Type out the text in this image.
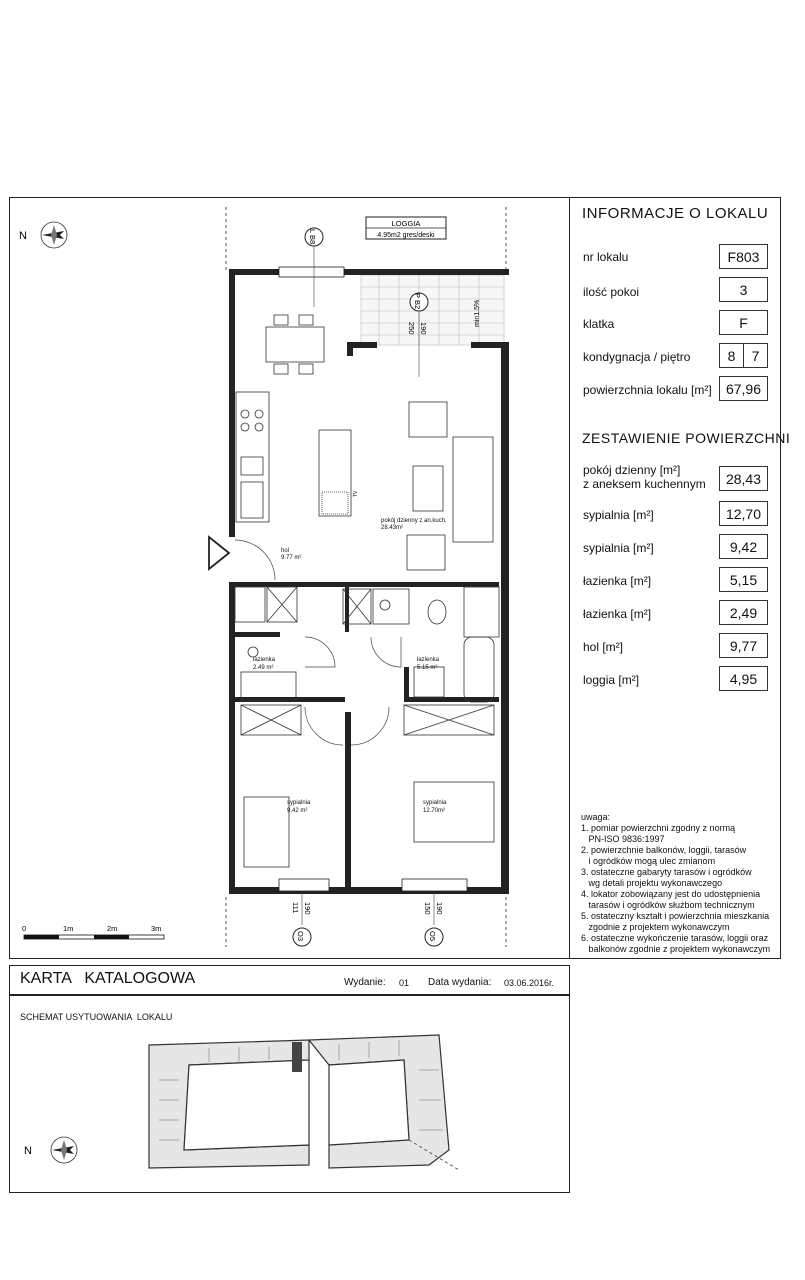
N
LOGGIA
4.95m2 gres/deski
min1.5%
TV
pokój dzienny z an.kuch.
28.43m²
hol
9.77 m²
łazienka
2.49 m²
łazienka
5.15 m²
sypialnia
9.42 m²
sypialnia
12.70m²
L B8
P B2
190
250
111 190
O3
150 190
O5
0	1m	2m	3m
INFORMACJE O LOKALU
nr lokalu	F803
ilość pokoi	3
klatka	F
kondygnacja / piętro	8	7
powierzchnia lokalu [m²]	67,96
ZESTAWIENIE POWIERZCHNI
pokój dzienny [m²]
z aneksem kuchennym	28,43
sypialnia [m²]	12,70
sypialnia [m²]	9,42
łazienka [m²]	5,15
łazienka [m²]	2,49
hol [m²]	9,77
loggia [m²]	4,95
uwaga:
1. pomiar powierzchni zgodny z normą
PN-ISO 9836:1997
2. powierzchnie balkonów, loggii, tarasów
i ogródków mogą ulec zmianom
3. ostateczne gabaryty tarasów i ogródków
wg detali projektu wykonawczego
4. lokator zobowiązany jest do udostępnienia
tarasów i ogródków służbom technicznym
5. ostateczny kształt i powierzchnia mieszkania
zgodnie z projektem wykonawczym
6. ostateczne wykończenie tarasów, loggii oraz
balkonów zgodnie z projektem wykonawczym
KARTA   KATALOGOWA	Wydanie: 01 Data wydania: 03.06.2016r.
SCHEMAT USYTUOWANIA  LOKALU
N
